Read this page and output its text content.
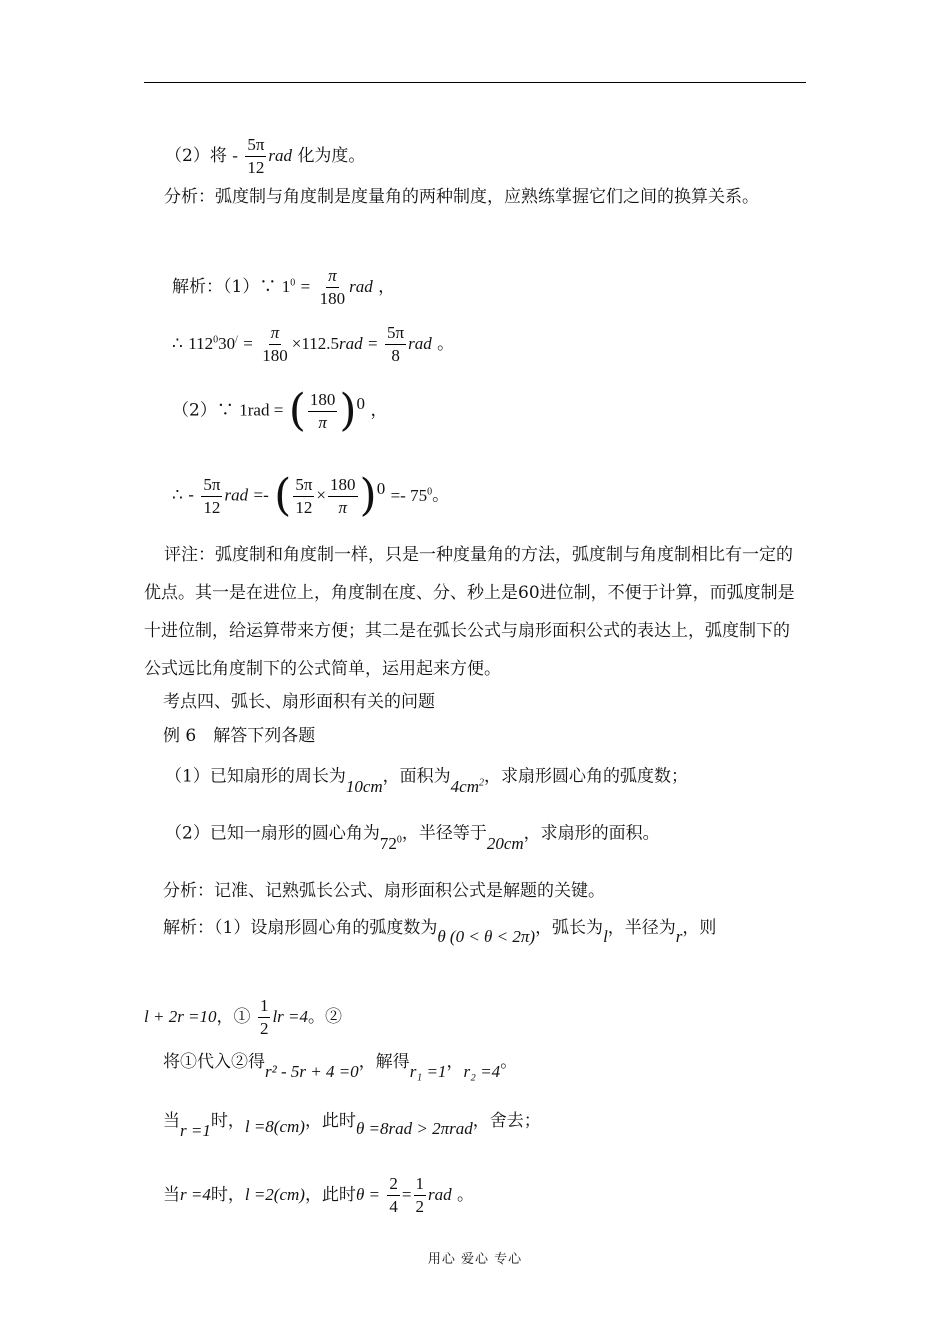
（2）将 - $\frac{5\pi}{12}$ rad 化为度。

分析：弧度制与角度制是度量角的两种制度，应熟练掌握它们之间的换算关系。

解析：（1）∵ $1^0 = \frac{\pi}{180}$ rad ，
∴ $112^030^/ = \frac{\pi}{180} \times 112.5rad = \frac{5\pi}{8}$ rad 。
（2）∵ 1rad = ( $\frac{180}{\pi} )^0$ ，
∴ - $\frac{5\pi}{12}$ rad =- ( $\frac{5\pi}{12} \times \frac{180}{\pi} )^0 =- 75^0$。

评注：弧度制和角度制一样，只是一种度量角的方法，弧度制与角度制相比有一定的优点。其一是在进位上，角度制在度、分、秒上是60进位制，不便于计算，而弧度制是十进位制，给运算带来方便；其二是在弧长公式与扇形面积公式的表达上，弧度制下的公式远比角度制下的公式简单，运用起来方便。

考点四、弧长、扇形面积有关的问题
例 6　解答下列各题
（1）已知扇形的周长为10cm，面积为$4cm^2$，求扇形圆心角的弧度数；
（2）已知一扇形的圆心角为$72^0$，半径等于20cm，求扇形的面积。
分析：记准、记熟弧长公式、扇形面积公式是解题的关键。
解析：（1）设扇形圆心角的弧度数为θ (0 < θ < 2π)，弧长为l，半径为r，则
l + 2r =10，① $\frac{1}{2}$ lr =4。②
将①代入②得r² - 5r + 4 =0，解得r₁ =1，r₂ =4。
当r =1时，l =8(cm)，此时θ =8rad > 2πrad，舍去；
当r =4时，l =2(cm)，此时$\theta = \frac{2}{4} = \frac{1}{2}$ rad 。
用心 爱心 专心
